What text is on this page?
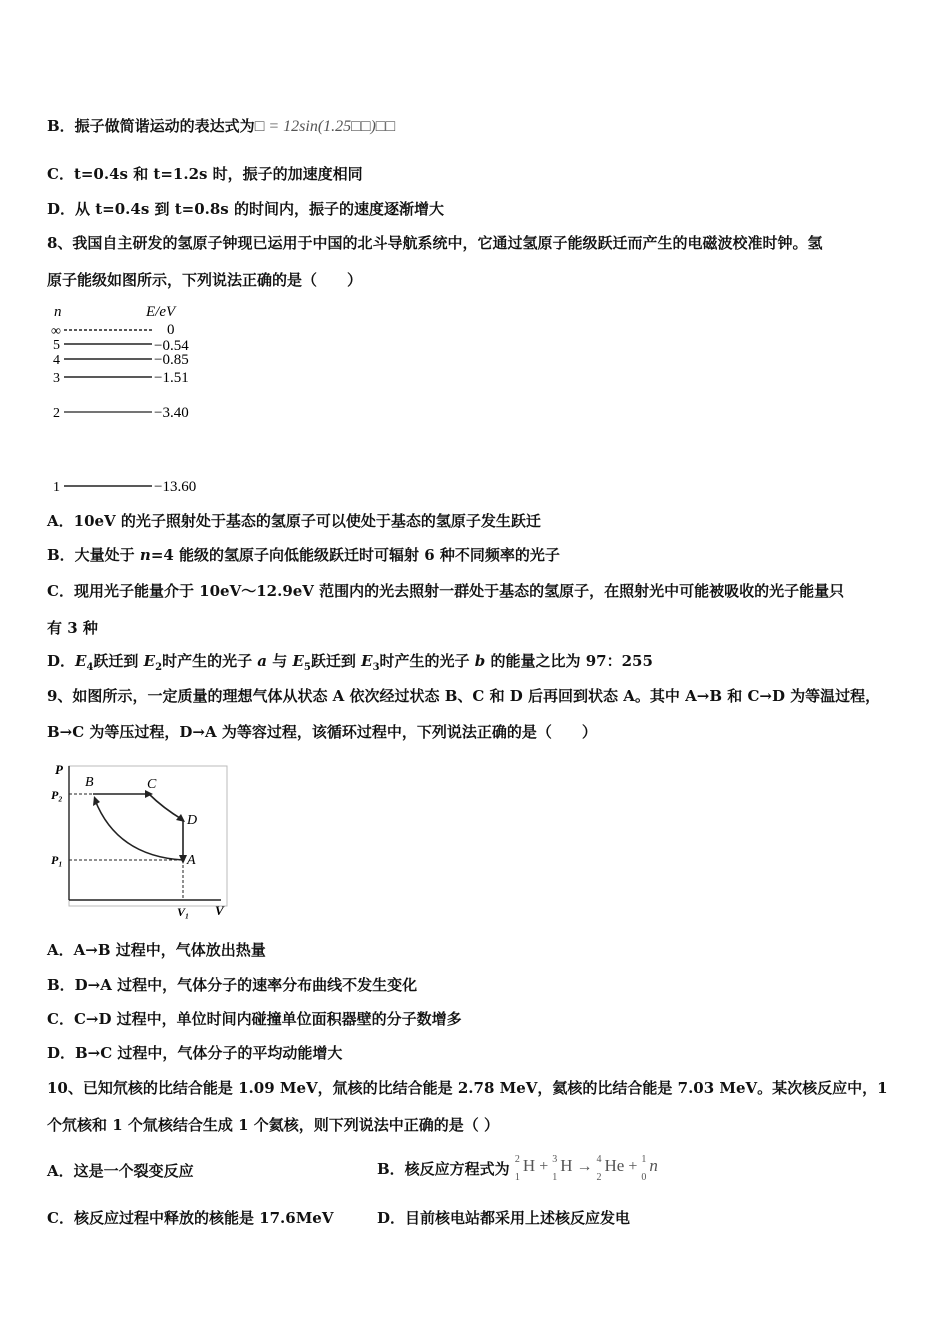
B．振子做简谐运动的表达式为□ = 12sin(1.25□□)□□
C．t=0.4s 和 t=1.2s 时，振子的加速度相同
D．从 t=0.4s 到 t=0.8s 的时间内，振子的速度逐渐增大
8、我国自主研发的氢原子钟现已运用于中国的北斗导航系统中，它通过氢原子能级跃迁而产生的电磁波校准时钟。氢
原子能级如图所示，下列说法正确的是（　　）
n	E/eV
∞	0
5	−0.54
4	−0.85
3	−1.51
2	−3.40
1	−13.60
A．10eV 的光子照射处于基态的氢原子可以使处于基态的氢原子发生跃迁
B．大量处于 n=4 能级的氢原子向低能级跃迁时可辐射 6 种不同频率的光子
C．现用光子能量介于 10eV～12.9eV 范围内的光去照射一群处于基态的氢原子，在照射光中可能被吸收的光子能量只
有 3 种
D．$E_4$跃迁到 $E_2$时产生的光子 a 与 $E_5$跃迁到 $E_3$时产生的光子 b 的能量之比为 97：255
9、如图所示，一定质量的理想气体从状态 A 依次经过状态 B、C 和 D 后再回到状态 A。其中 A→B 和 C→D 为等温过程，
B→C 为等压过程，D→A 为等容过程，该循环过程中，下列说法正确的是（　　）
P
V
P₂
P₁
V₁
B	C
D
A
A．A→B 过程中，气体放出热量
B．D→A 过程中，气体分子的速率分布曲线不发生变化
C．C→D 过程中，单位时间内碰撞单位面积器壁的分子数增多
D．B→C 过程中，气体分子的平均动能增大
10、已知氘核的比结合能是 1.09 MeV，氚核的比结合能是 2.78 MeV，氦核的比结合能是 7.03 MeV。某次核反应中，1
个氘核和 1 个氚核结合生成 1 个氦核，则下列说法中正确的是（ ）
A．这是一个裂变反应	B．核反应方程式为
2
1
H + 3
1
H → 4
2
He + 1
0
n
C．核反应过程中释放的核能是 17.6MeV	D．目前核电站都采用上述核反应发电
